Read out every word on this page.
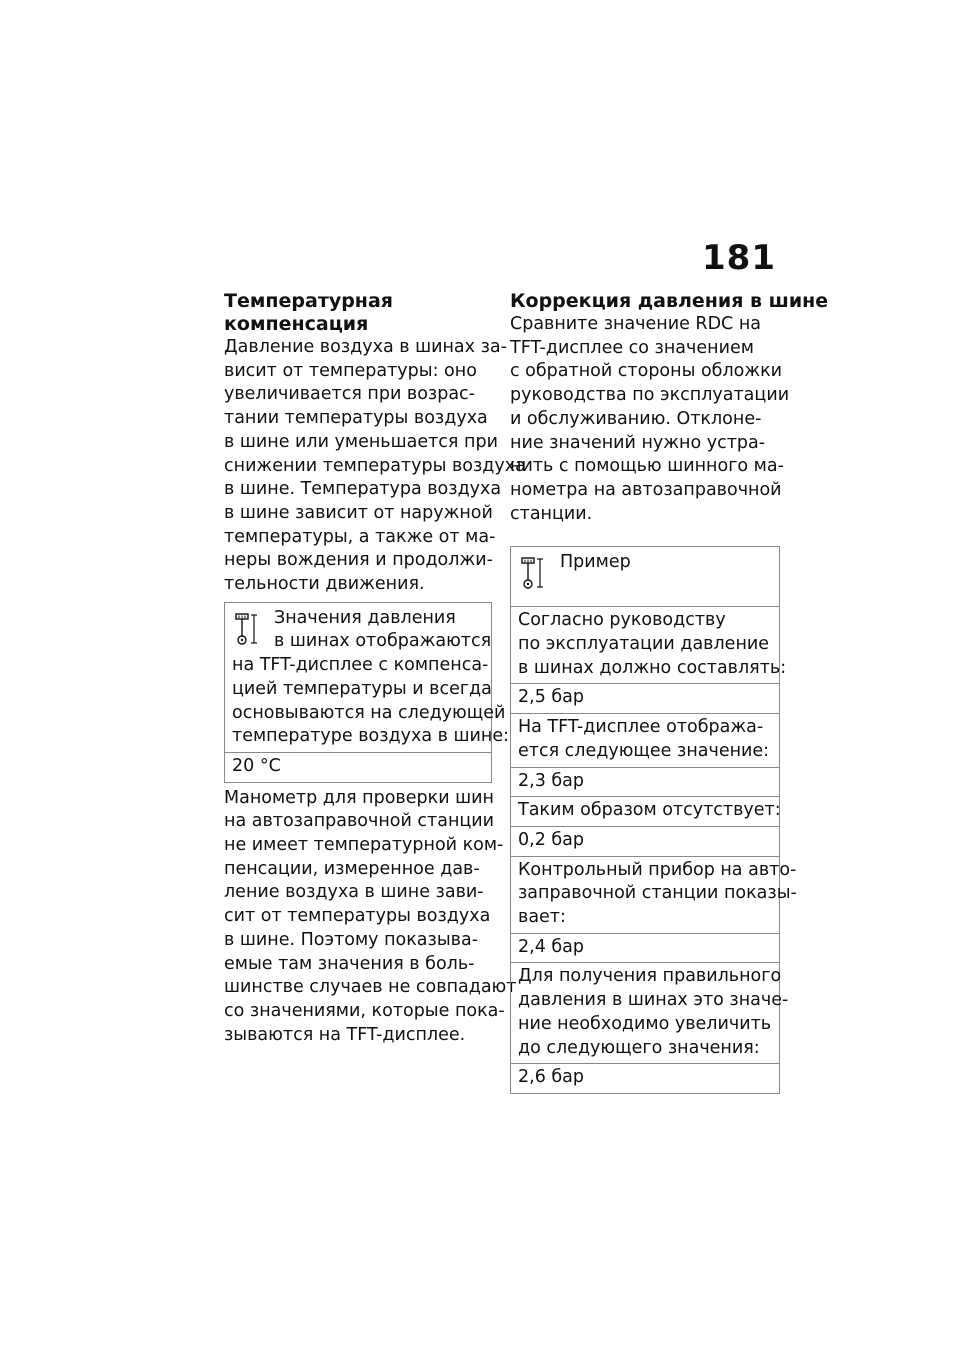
181
Температурная
компенсация

Давление воздуха в шинах за-
висит от температуры: оно
увеличивается при возрас-
тании температуры воздуха
в шине или уменьшается при
снижении температуры воздуха
в шине. Температура воздуха
в шине зависит от наружной
температуры, а также от ма-
неры вождения и продолжи-
тельности движения.

Значения давления
в шинах отображаются
на TFT-дисплее с компенса-
цией температуры и всегда
основываются на следующей
температуре воздуха в шине:
20 °C

Манометр для проверки шин
на автозаправочной станции
не имеет температурной ком-
пенсации, измеренное дав-
ление воздуха в шине зави-
сит от температуры воздуха
в шине. Поэтому показыва-
емые там значения в боль-
шинстве случаев не совпадают
со значениями, которые пока-
зываются на TFT-дисплее.

Коррекция давления в шине

Сравните значение RDC на
TFT-дисплее со значением
с обратной стороны обложки
руководства по эксплуатации
и обслуживанию. Отклоне-
ние значений нужно устра-
нить с помощью шинного ма-
нометра на автозаправочной
станции.

Пример
Согласно руководству
по эксплуатации давление
в шинах должно составлять:
2,5 бар
На TFT-дисплее отобража-
ется следующее значение:
2,3 бар
Таким образом отсутствует:
0,2 бар
Контрольный прибор на авто-
заправочной станции показы-
вает:
2,4 бар
Для получения правильного
давления в шинах это значе-
ние необходимо увеличить
до следующего значения:
2,6 бар
